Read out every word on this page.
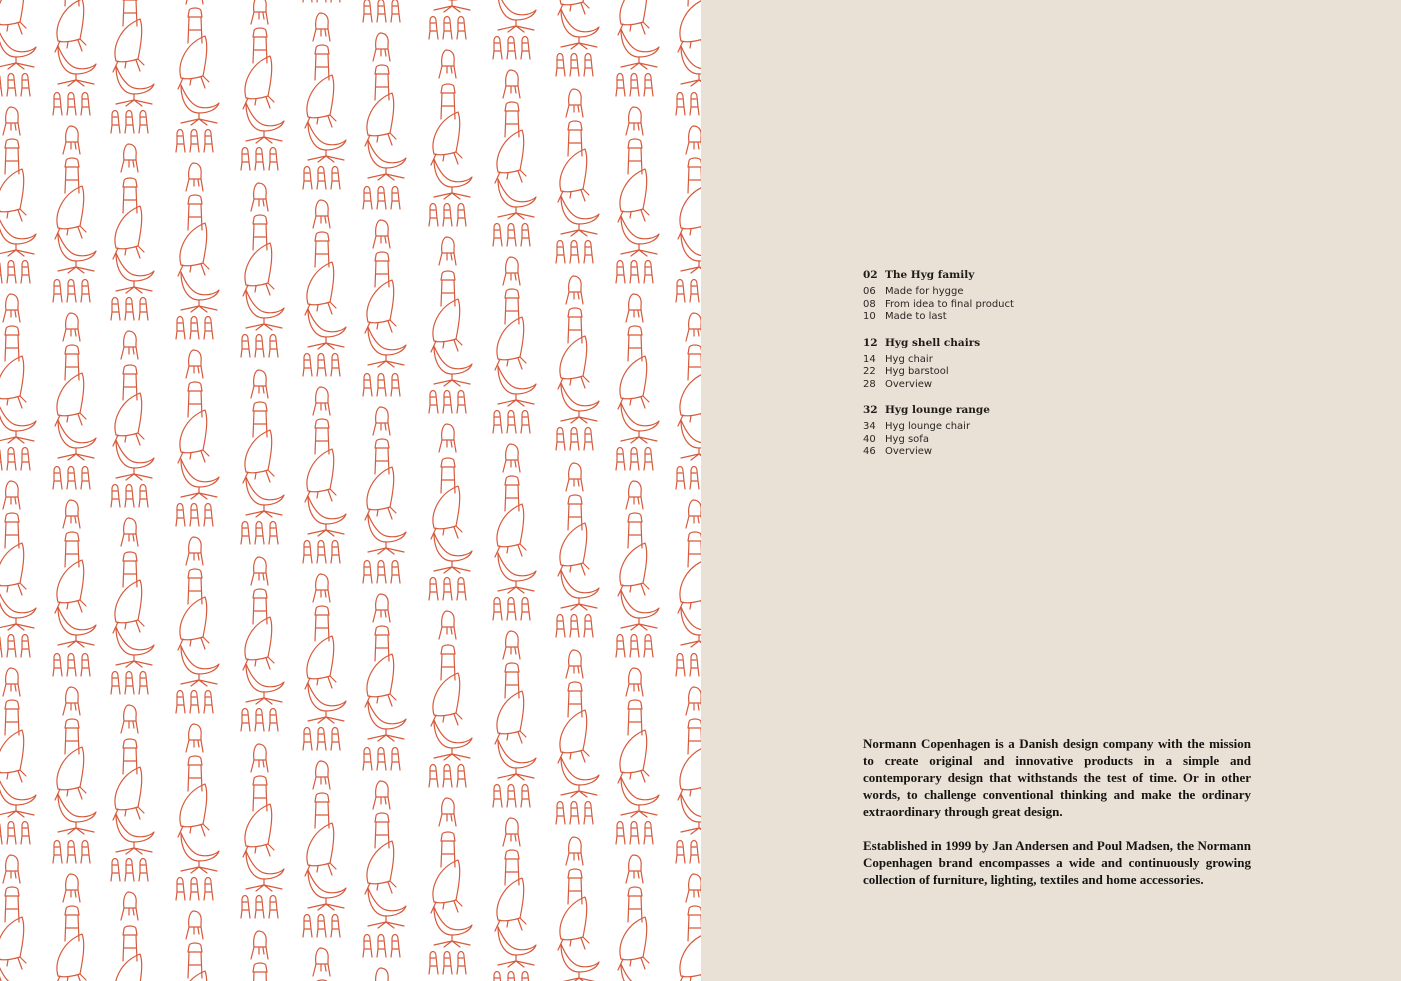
02 The Hyg family
06 Made for hygge
08 From idea to final product
10 Made to last
12 Hyg shell chairs
14 Hyg chair
22 Hyg barstool
28 Overview
32 Hyg lounge range
34 Hyg lounge chair
40 Hyg sofa
46 Overview

Normann Copenhagen is a Danish design company with the mission to create original and innovative products in a simple and contemporary design that withstands the test of time. Or in other words, to challenge conventional thinking and make the ordinary extraordinary through great design.

Established in 1999 by Jan Andersen and Poul Madsen, the Normann Copenhagen brand encompasses a wide and continuously growing collection of furniture, lighting, textiles and home accessories.
